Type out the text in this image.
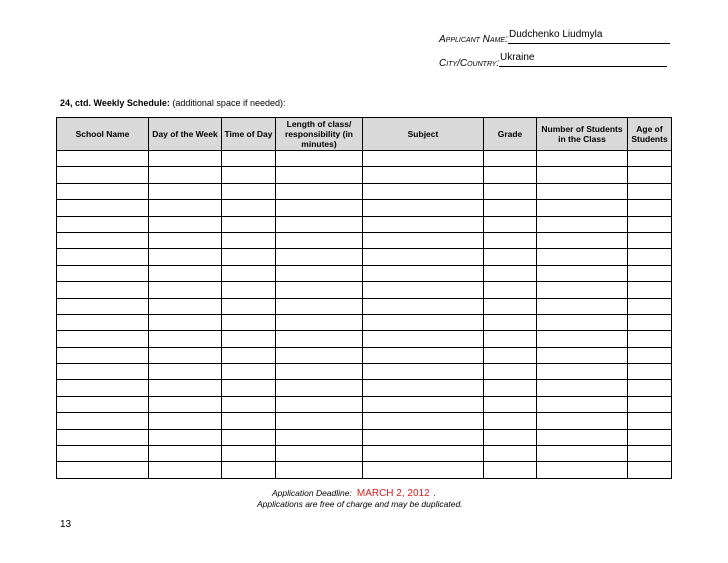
Applicant Name: Dudchenko Liudmyla
City/Country:
Ukraine
24, ctd. Weekly Schedule: (additional space if needed):
School Name	Day of the Week	Time of Day	Length of class/ responsibility (in minutes)	Subject	Grade	Number of Students in the Class	Age of Students

Application Deadline: MARCH 2, 2012 .
Applications are free of charge and may be duplicated.
13
